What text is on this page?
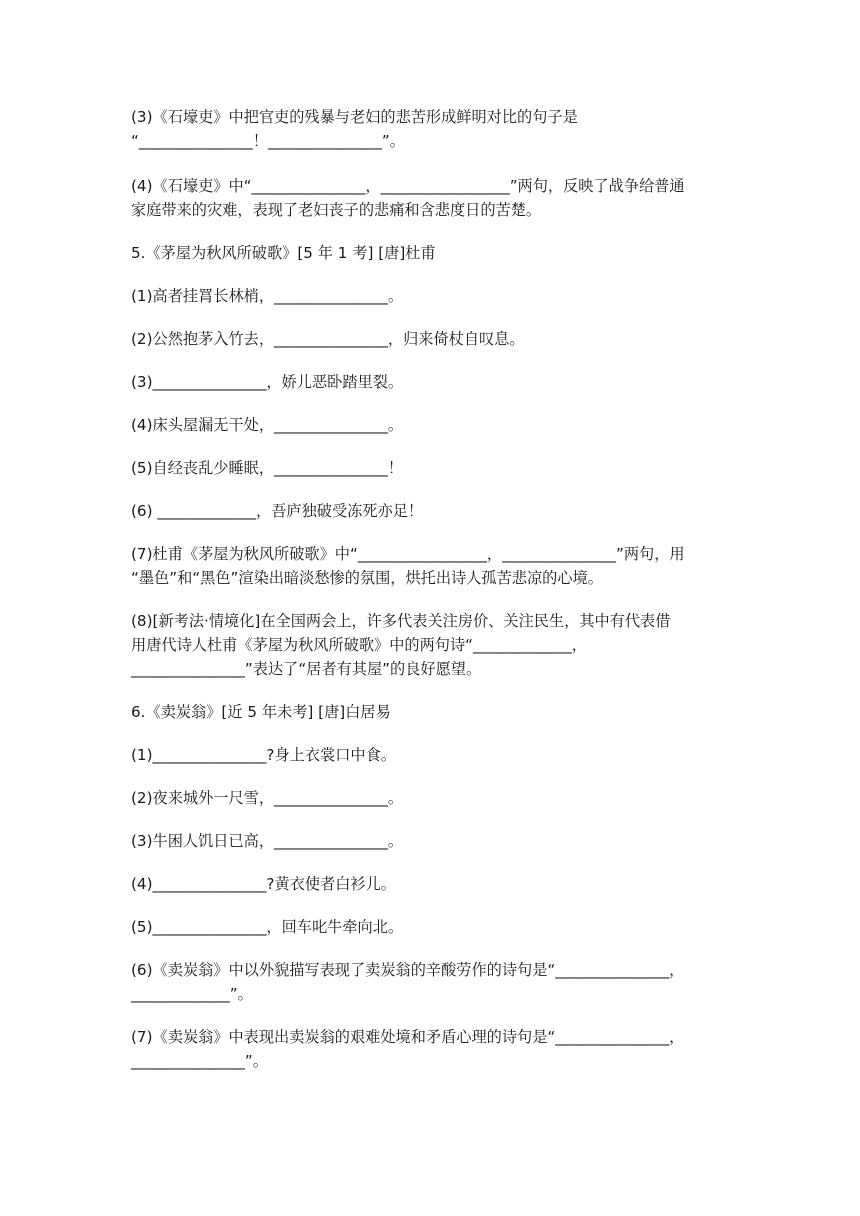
(3)《石壕吏》中把官吏的残暴与老妇的悲苦形成鲜明对比的句子是

“_______________！_______________”。

(4)《石壕吏》中“_______________，_________________”两句，反映了战争给普通

家庭带来的灾难，表现了老妇丧子的悲痛和含悲度日的苦楚。

5.《茅屋为秋风所破歌》[5 年 1 考] [唐]杜甫

(1)高者挂罥长林梢，_______________。

(2)公然抱茅入竹去，_______________，归来倚杖自叹息。

(3)_______________，娇儿恶卧踏里裂。

(4)床头屋漏无干处，_______________。

(5)自经丧乱少睡眠，_______________！

(6) _____________，吾庐独破受冻死亦足！

(7)杜甫《茅屋为秋风所破歌》中“_________________，_______________”两句，用

“墨色”和“黑色”渲染出暗淡愁惨的氛围，烘托出诗人孤苦悲凉的心境。

(8)[新考法·情境化]在全国两会上，许多代表关注房价、关注民生，其中有代表借

用唐代诗人杜甫《茅屋为秋风所破歌》中的两句诗“_____________，

_______________”表达了“居者有其屋”的良好愿望。

6.《卖炭翁》[近 5 年未考] [唐]白居易

(1)_______________?身上衣裳口中食。

(2)夜来城外一尺雪，_______________。

(3)牛困人饥日已高，_______________。

(4)_______________?黄衣使者白衫儿。

(5)_______________，回车叱牛牵向北。

(6)《卖炭翁》中以外貌描写表现了卖炭翁的辛酸劳作的诗句是“_______________，

_____________”。

(7)《卖炭翁》中表现出卖炭翁的艰难处境和矛盾心理的诗句是“_______________，

_______________”。
